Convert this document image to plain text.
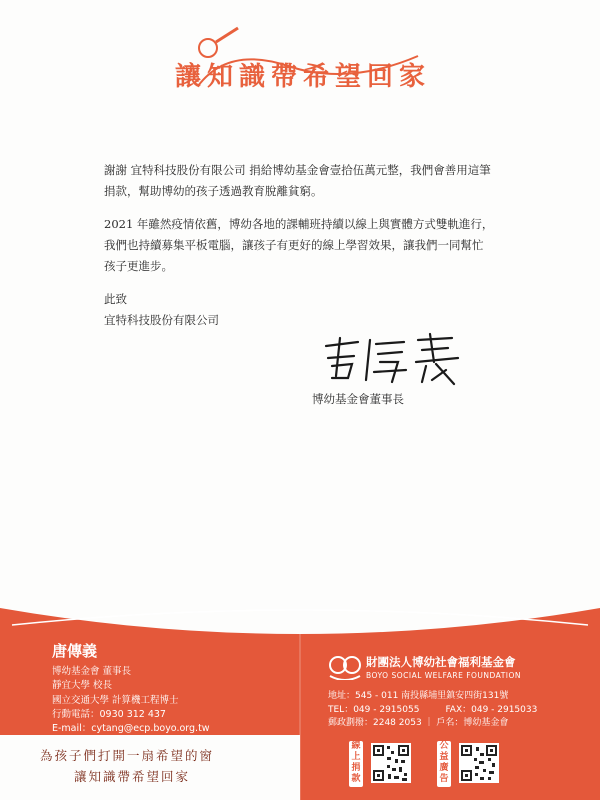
讓知識帶希望回家

謝謝 宜特科技股份有限公司 捐給博幼基金會壹拾伍萬元整，我們會善用這筆捐款，幫助博幼的孩子透過教育脫離貧窮。

2021 年雖然疫情依舊，博幼各地的課輔班持續以線上與實體方式雙軌進行，我們也持續募集平板電腦，讓孩子有更好的線上學習效果，讓我們一同幫忙孩子更進步。

此致

宜特科技股份有限公司

博幼基金會董事長
唐傳義
博幼基金會 董事長
靜宜大學 校長
國立交通大學 計算機工程博士
行動電話：0930 312 437
E-mail：cytang@ecp.boyo.org.tw
為孩子們打開一扇希望的窗
讓知識帶希望回家
財團法人博幼社會福利基金會
BOYO SOCIAL WELFARE FOUNDATION
地址：545 - 011 南投縣埔里鎮安四街131號
TEL：049 - 2915055	FAX：049 - 2915033
郵政劃撥：2248 2053 ｜ 戶名：博幼基金會
線
上
捐
款
公
益
廣
告
